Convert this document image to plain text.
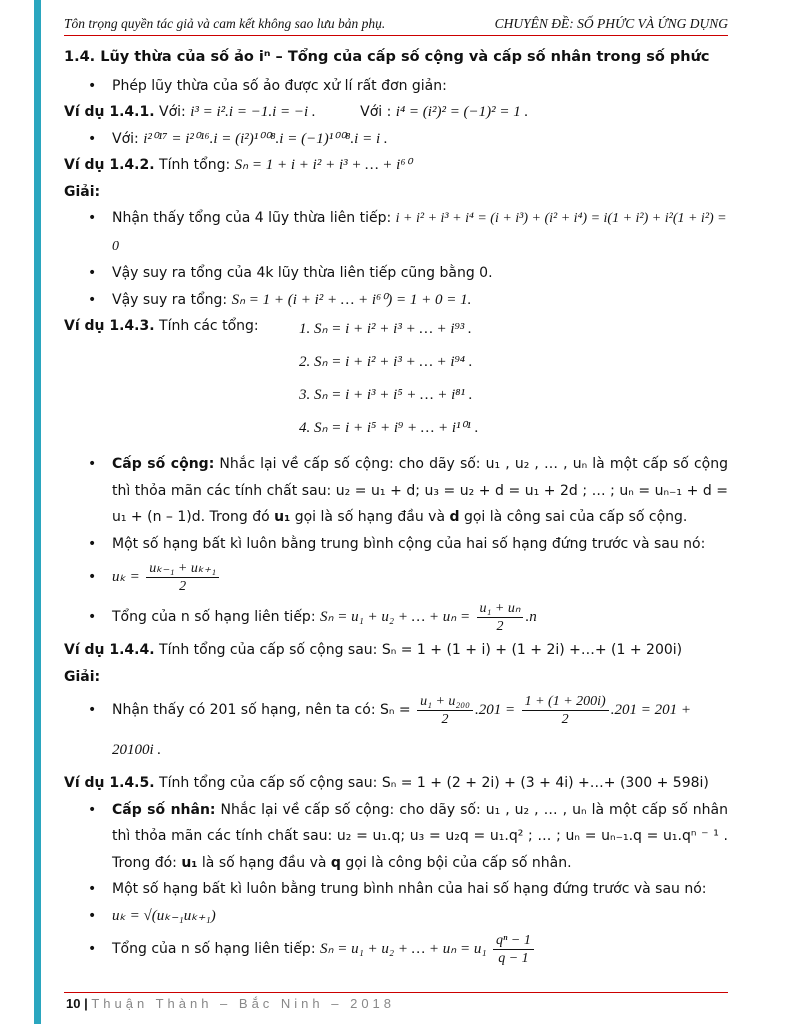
Tôn trọng quyền tác giả và cam kết không sao lưu bản phụ.	CHUYÊN ĐỀ: SỐ PHỨC VÀ ỨNG DỤNG

1.4. Lũy thừa của số ảo iⁿ – Tổng của cấp số cộng và cấp số nhân trong số phức

• Phép lũy thừa của số ảo được xử lí rất đơn giản:

Ví dụ 1.4.1. Với: i³ = i².i = −1.i = −i .	Với : i⁴ = (i²)² = (−1)² = 1 .

• Với: i²⁰¹⁷ = i²⁰¹⁶.i = (i²)¹⁰⁰⁸.i = (−1)¹⁰⁰⁸.i = i .

Ví dụ 1.4.2. Tính tổng: Sₙ = 1 + i + i² + i³ + … + i⁶⁰

Giải:

• Nhận thấy tổng của 4 lũy thừa liên tiếp: i + i² + i³ + i⁴ = (i + i³) + (i² + i⁴) = i(1 + i²) + i²(1 + i²) = 0

• Vậy suy ra tổng của 4k lũy thừa liên tiếp cũng bằng 0.

• Vậy suy ra tổng: Sₙ = 1 + (i + i² + … + i⁶⁰) = 1 + 0 = 1.

Ví dụ 1.4.3. Tính các tổng:	1. Sₙ = i + i² + i³ + … + i⁹³ .

2. Sₙ = i + i² + i³ + … + i⁹⁴ .

3. Sₙ = i + i³ + i⁵ + … + i⁸¹ .

4. Sₙ = i + i⁵ + i⁹ + … + i¹⁰¹ .

• Cấp số cộng: Nhắc lại về cấp số cộng: cho dãy số: u₁ , u₂ , … , uₙ là một cấp số cộng thì thỏa mãn các tính chất sau: u₂ = u₁ + d; u₃ = u₂ + d = u₁ + 2d ; … ; uₙ = uₙ₋₁ + d = u₁ + (n – 1)d. Trong đó u₁ gọi là số hạng đầu và d gọi là công sai của cấp số cộng.

• Một số hạng bất kì luôn bằng trung bình cộng của hai số hạng đứng trước và sau nó:

• $u_k = \frac{\text{uₖ₋₁ + uₖ₊₁}}{2}$

• Tổng của n số hạng liên tiếp: Sₙ = u₁ + u₂ + … + $u_n = \frac{\text{u₁ + uₙ}}{2} .n$

Ví dụ 1.4.4. Tính tổng của cấp số cộng sau: Sₙ = 1 + (1 + i) + (1 + 2i) +…+ (1 + 200i)

Giải:

• Nhận thấy có 201 số hạng, nên ta có: $S_n = \frac{\text{u₁ + u₂₀₀}}{2} .201 = \frac{1 + (1 + 200i)}{2} .201 = 201 + 20100i$ .

Ví dụ 1.4.5. Tính tổng của cấp số cộng sau: Sₙ = 1 + (2 + 2i) + (3 + 4i) +…+ (300 + 598i)

• Cấp số nhân: Nhắc lại về cấp số cộng: cho dãy số: u₁ , u₂ , … , uₙ là một cấp số nhân thì thỏa mãn các tính chất sau: u₂ = u₁.q; u₃ = u₂q = u₁.q² ; … ; uₙ = uₙ₋₁.q = u₁.qⁿ ⁻ ¹ . Trong đó: u₁ là số hạng đầu và q gọi là công bội của cấp số nhân.

• Một số hạng bất kì luôn bằng trung bình nhân của hai số hạng đứng trước và sau nó:

• uₖ = √(uₖ₋₁uₖ₊₁)

• Tổng của n số hạng liên tiếp: Sₙ = u₁ + u₂ + … + $u_n = u_1 \frac{\text{qⁿ − 1}}{q - 1}$

10 | Thuận Thành – Bắc Ninh – 2018
